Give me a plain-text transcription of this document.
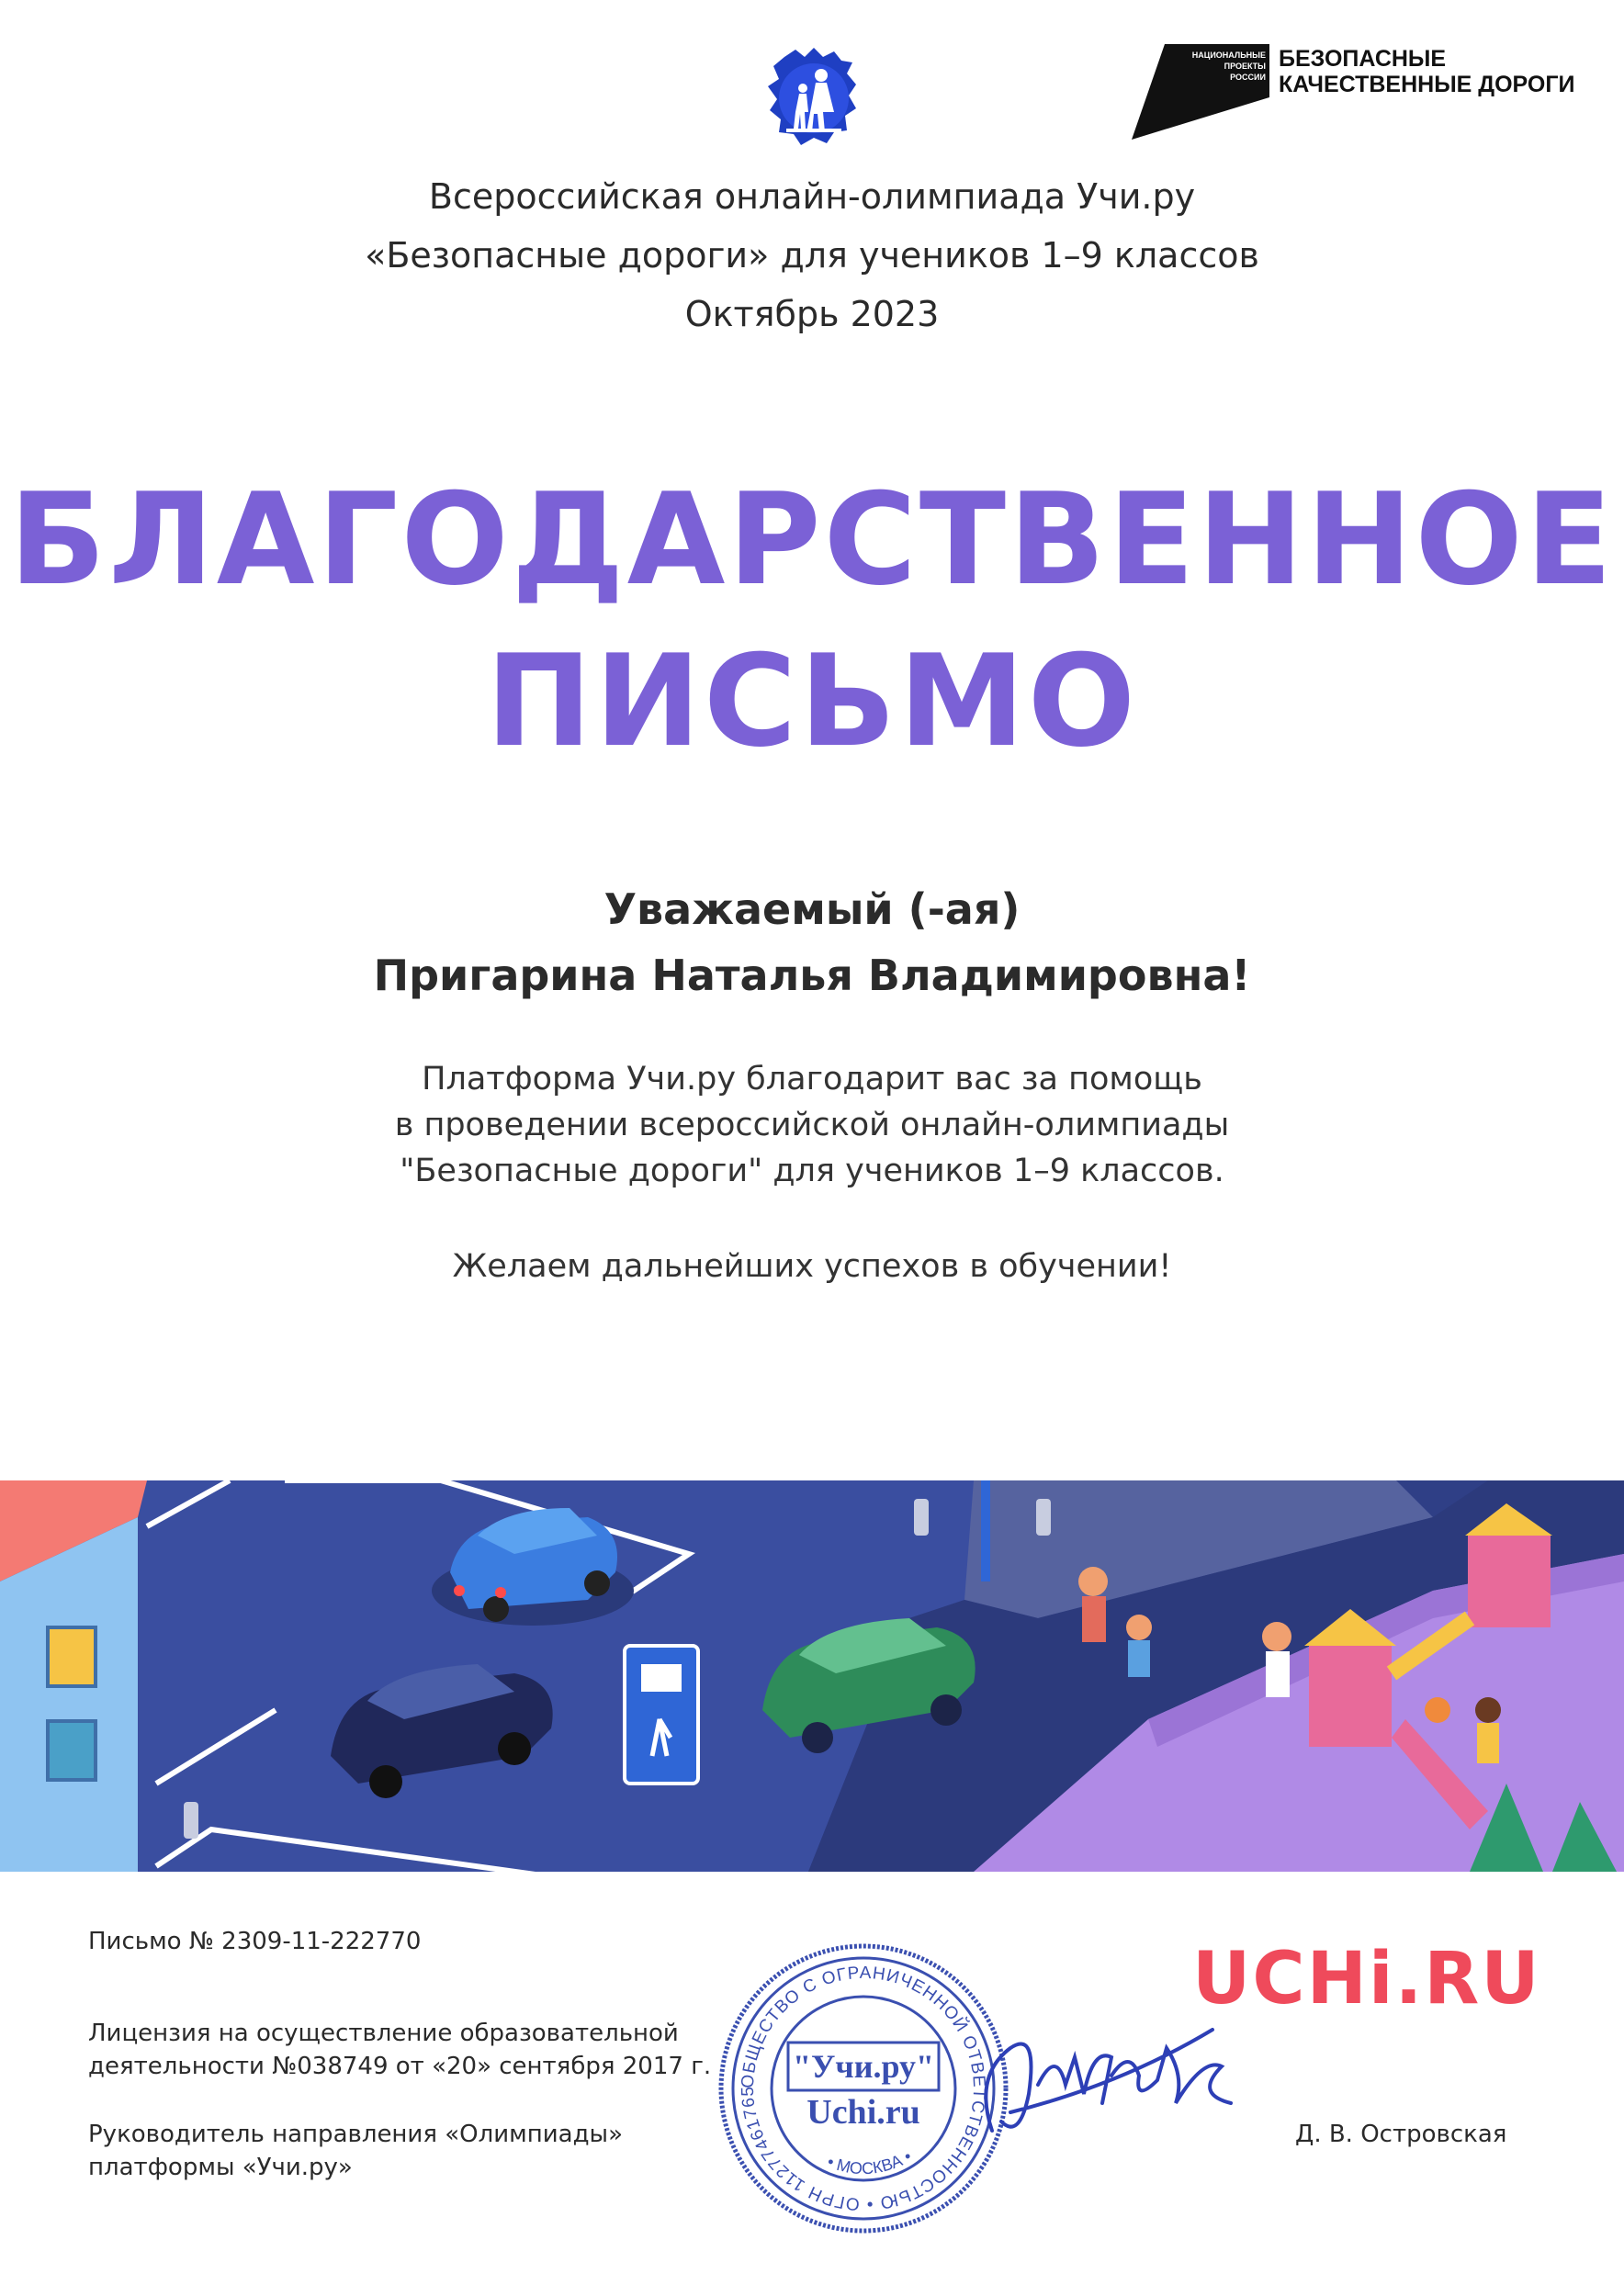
НАЦИОНАЛЬНЫЕ
ПРОЕКТЫ
РОССИИ
БЕЗОПАСНЫЕ
КАЧЕСТВЕННЫЕ ДОРОГИ
Всероссийская онлайн-олимпиада Учи.ру
«Безопасные дороги» для учеников 1–9 классов
Октябрь 2023
БЛАГОДАРСТВЕННОЕ
ПИСЬМО
Уважаемый (-ая)
Пригарина Наталья Владимировна!
Платформа Учи.ру благодарит вас за помощь
в проведении всероссийской онлайн-олимпиады
"Безопасные дороги" для учеников 1–9 классов.
Желаем дальнейших успехов в обучении!
Письмо № 2309-11-222770
Лицензия на осуществление образовательной
деятельности №038749 от «20» сентября 2017 г.
Руководитель направления «Олимпиады»
платформы «Учи.ру»
ОБЩЕСТВО С ОГРАНИЧЕННОЙ ОТВЕТСТВЕННОСТЬЮ • ОГРН 11277461765
• МОСКВА •
"Учи.ру"
Uchi.ru
UCHi.RU
Д. В. Островская
